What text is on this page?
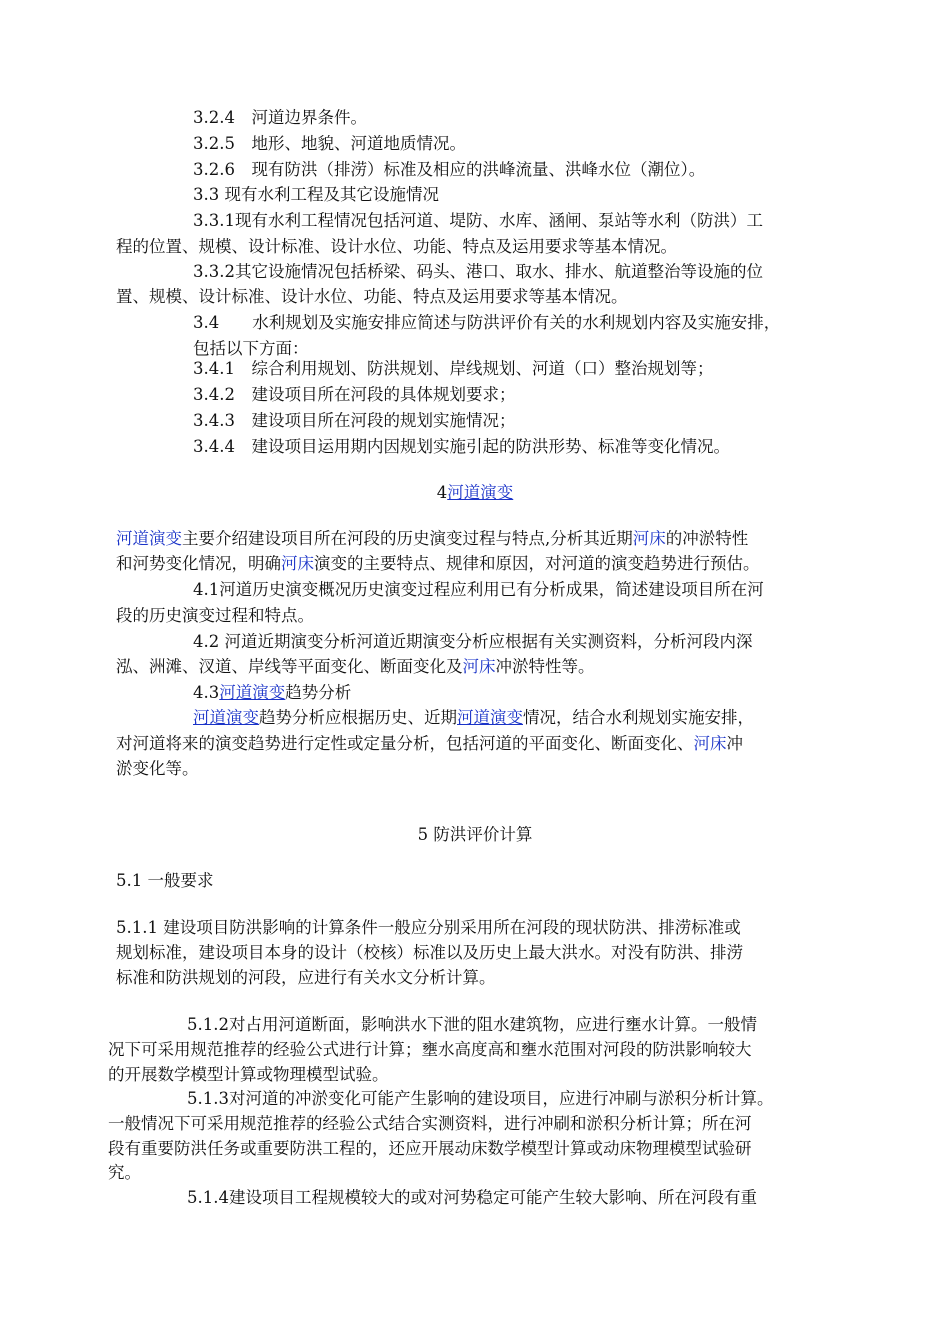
3.2.4　河道边界条件。
3.2.5　地形、地貌、河道地质情况。
3.2.6　现有防洪（排涝）标准及相应的洪峰流量、洪峰水位（潮位）。
3.3 现有水利工程及其它设施情况
3.3.1现有水利工程情况包括河道、堤防、水库、涵闸、泵站等水利（防洪）工
程的位置、规模、设计标准、设计水位、功能、特点及运用要求等基本情况。
3.3.2其它设施情况包括桥梁、码头、港口、取水、排水、航道整治等设施的位
置、规模、设计标准、设计水位、功能、特点及运用要求等基本情况。
3.4　　水利规划及实施安排应简述与防洪评价有关的水利规划内容及实施安排，
包括以下方面：
3.4.1　综合利用规划、防洪规划、岸线规划、河道（口）整治规划等；
3.4.2　建设项目所在河段的具体规划要求；
3.4.3　建设项目所在河段的规划实施情况；
3.4.4　建设项目运用期内因规划实施引起的防洪形势、标准等变化情况。
4河道演变
河道演变主要介绍建设项目所在河段的历史演变过程与特点,分析其近期河床的冲淤特性
和河势变化情况，明确河床演变的主要特点、规律和原因，对河道的演变趋势进行预估。
4.1河道历史演变概况历史演变过程应利用已有分析成果，简述建设项目所在河
段的历史演变过程和特点。
4.2 河道近期演变分析河道近期演变分析应根据有关实测资料，分析河段内深
泓、洲滩、汊道、岸线等平面变化、断面变化及河床冲淤特性等。
4.3河道演变趋势分析
河道演变趋势分析应根据历史、近期河道演变情况，结合水利规划实施安排，
对河道将来的演变趋势进行定性或定量分析，包括河道的平面变化、断面变化、河床冲
淤变化等。
5 防洪评价计算
5.1 一般要求
5.1.1 建设项目防洪影响的计算条件一般应分别采用所在河段的现状防洪、排涝标准或
规划标准，建设项目本身的设计（校核）标准以及历史上最大洪水。对没有防洪、排涝
标准和防洪规划的河段，应进行有关水文分析计算。
5.1.2对占用河道断面，影响洪水下泄的阻水建筑物，应进行壅水计算。一般情
况下可采用规范推荐的经验公式进行计算；壅水高度高和壅水范围对河段的防洪影响较大
的开展数学模型计算或物理模型试验。
5.1.3对河道的冲淤变化可能产生影响的建设项目，应进行冲刷与淤积分析计算。
一般情况下可采用规范推荐的经验公式结合实测资料，进行冲刷和淤积分析计算；所在河
段有重要防洪任务或重要防洪工程的，还应开展动床数学模型计算或动床物理模型试验研
究。
5.1.4建设项目工程规模较大的或对河势稳定可能产生较大影响、所在河段有重
